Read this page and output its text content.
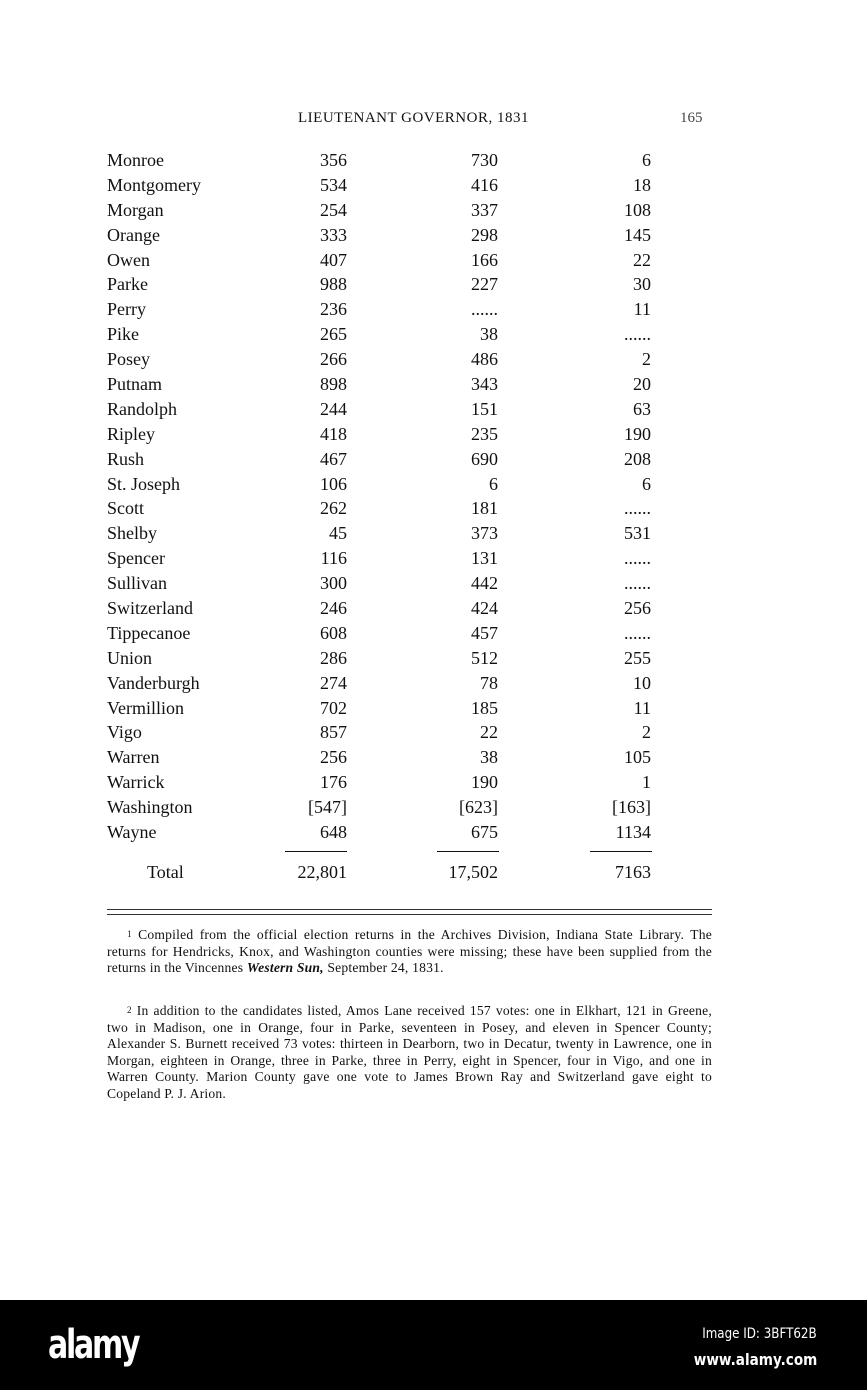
LIEUTENANT GOVERNOR, 1831	165
Monroe	356	730	6
Montgomery	534	416	18
Morgan	254	337	108
Orange	333	298	145
Owen	407	166	22
Parke	988	227	30
Perry	236	......	11
Pike	265	38	......
Posey	266	486	2
Putnam	898	343	20
Randolph	244	151	63
Ripley	418	235	190
Rush	467	690	208
St. Joseph	106	6	6
Scott	262	181	......
Shelby	45	373	531
Spencer	116	131	......
Sullivan	300	442	......
Switzerland	246	424	256
Tippecanoe	608	457	......
Union	286	512	255
Vanderburgh	274	78	10
Vermillion	702	185	11
Vigo	857	22	2
Warren	256	38	105
Warrick	176	190	1
Washington	[547]	[623]	[163]
Wayne	648	675	1134
Total	22,801	17,502	7163

$^1$ Compiled from the official election returns in the Archives Division, Indiana State Library. The returns for Hendricks, Knox, and Washington counties were missing; these have been supplied from the returns in the Vincennes Western Sun, September 24, 1831.

$^2$ In addition to the candidates listed, Amos Lane received 157 votes: one in Elkhart, 121 in Greene, two in Madison, one in Orange, four in Parke, seventeen in Posey, and eleven in Spencer County; Alexander S. Burnett received 73 votes: thirteen in Dearborn, two in Decatur, twenty in Lawrence, one in Morgan, eighteen in Orange, three in Parke, three in Perry, eight in Spencer, four in Vigo, and one in Warren County. Marion County gave one vote to James Brown Ray and Switzerland gave eight to Copeland P. J. Arion.

alamy	Image ID: 3BFT62B
www.alamy.com
